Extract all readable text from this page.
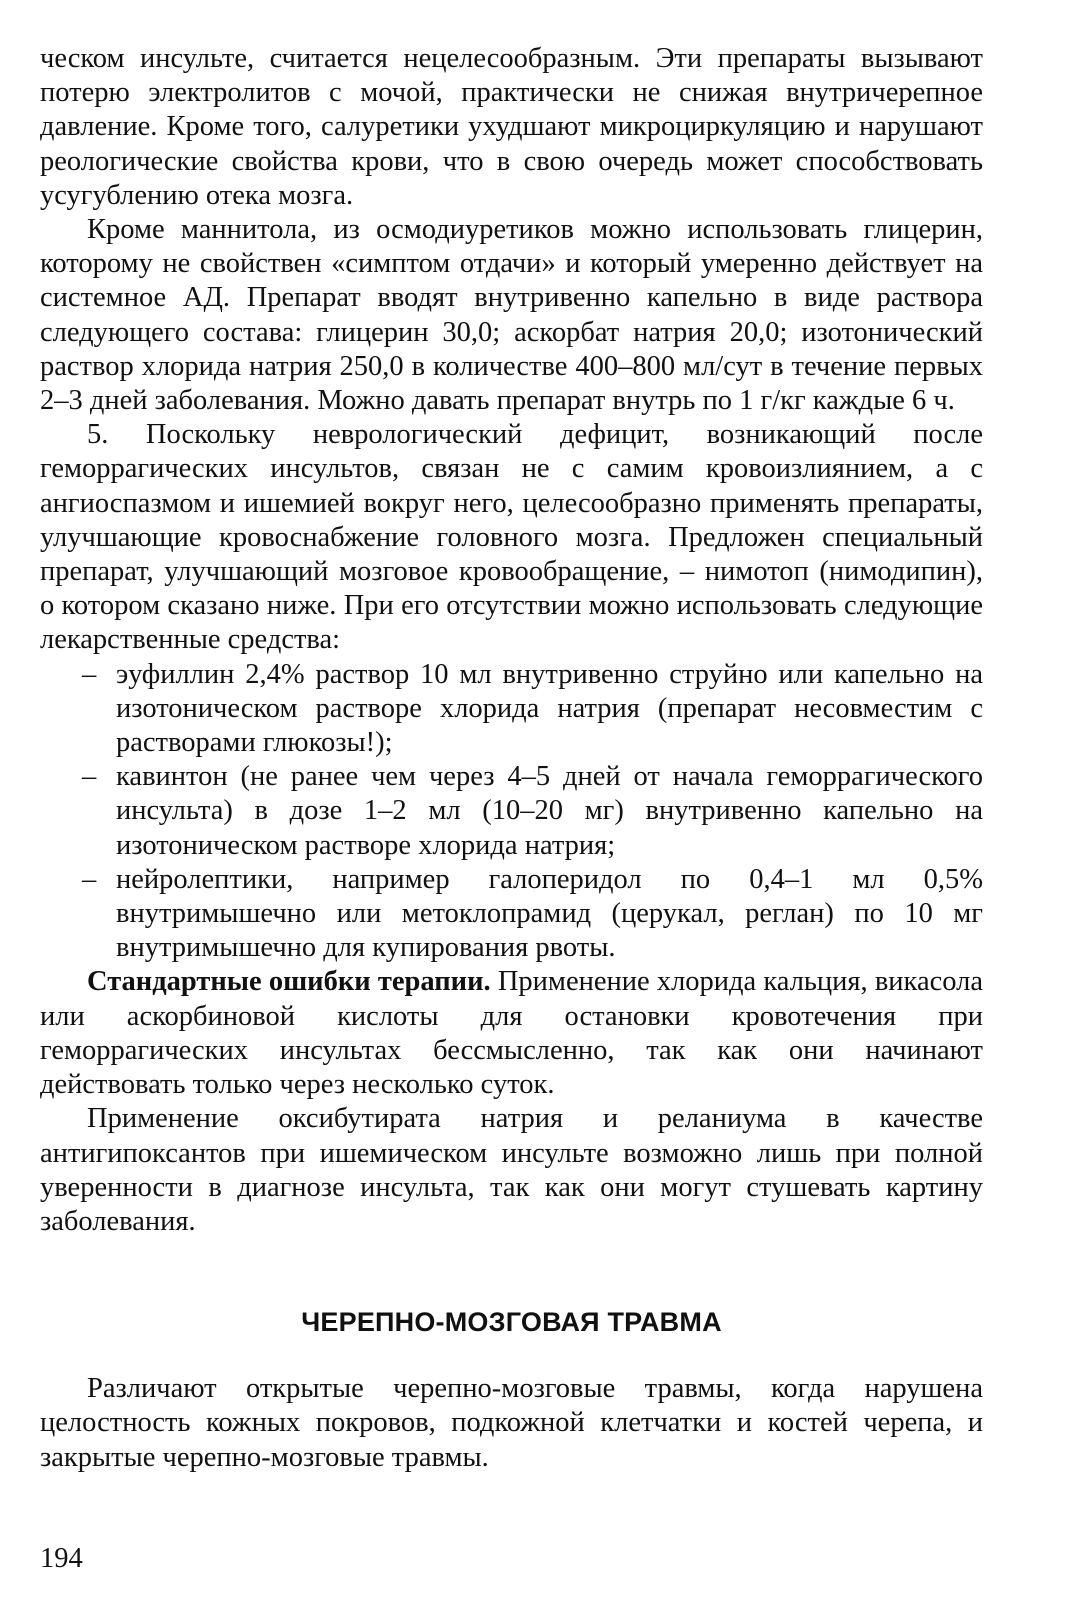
ческом инсульте, считается нецелесообразным. Эти препараты вызывают потерю электролитов с мочой, практически не снижая внутричерепное давление. Кроме того, салуретики ухудшают микроциркуляцию и нарушают реологические свойства крови, что в свою очередь может способствовать усугублению отека мозга.

Кроме маннитола, из осмодиуретиков можно использовать глицерин, которому не свойствен «симптом отдачи» и который умеренно действует на системное АД. Препарат вводят внутривенно капельно в виде раствора следующего состава: глицерин 30,0; аскорбат натрия 20,0; изотонический раствор хлорида натрия 250,0 в количестве 400–800 мл/сут в течение первых 2–3 дней заболевания. Можно давать препарат внутрь по 1 г/кг каждые 6 ч.

5. Поскольку неврологический дефицит, возникающий после геморрагических инсультов, связан не с самим кровоизлиянием, а с ангиоспазмом и ишемией вокруг него, целесообразно применять препараты, улучшающие кровоснабжение головного мозга. Предложен специальный препарат, улучшающий мозговое кровообращение, – нимотоп (нимодипин), о котором сказано ниже. При его отсутствии можно использовать следующие лекарственные средства:

– эуфиллин 2,4% раствор 10 мл внутривенно струйно или капельно на изотоническом растворе хлорида натрия (препарат несовместим с растворами глюкозы!);
– кавинтон (не ранее чем через 4–5 дней от начала геморрагического инсульта) в дозе 1–2 мл (10–20 мг) внутривенно капельно на изотоническом растворе хлорида натрия;
– нейролептики, например галоперидол по 0,4–1 мл 0,5% внутримышечно или метоклопрамид (церукал, реглан) по 10 мг внутримышечно для купирования рвоты.

Стандартные ошибки терапии. Применение хлорида кальция, викасола или аскорбиновой кислоты для остановки кровотечения при геморрагических инсультах бессмысленно, так как они начинают действовать только через несколько суток.

Применение оксибутирата натрия и реланиума в качестве антигипоксантов при ишемическом инсульте возможно лишь при полной уверенности в диагнозе инсульта, так как они могут стушевать картину заболевания.

ЧЕРЕПНО-МОЗГОВАЯ ТРАВМА

Различают открытые черепно-мозговые травмы, когда нарушена целостность кожных покровов, подкожной клетчатки и костей черепа, и закрытые черепно-мозговые травмы.

194
